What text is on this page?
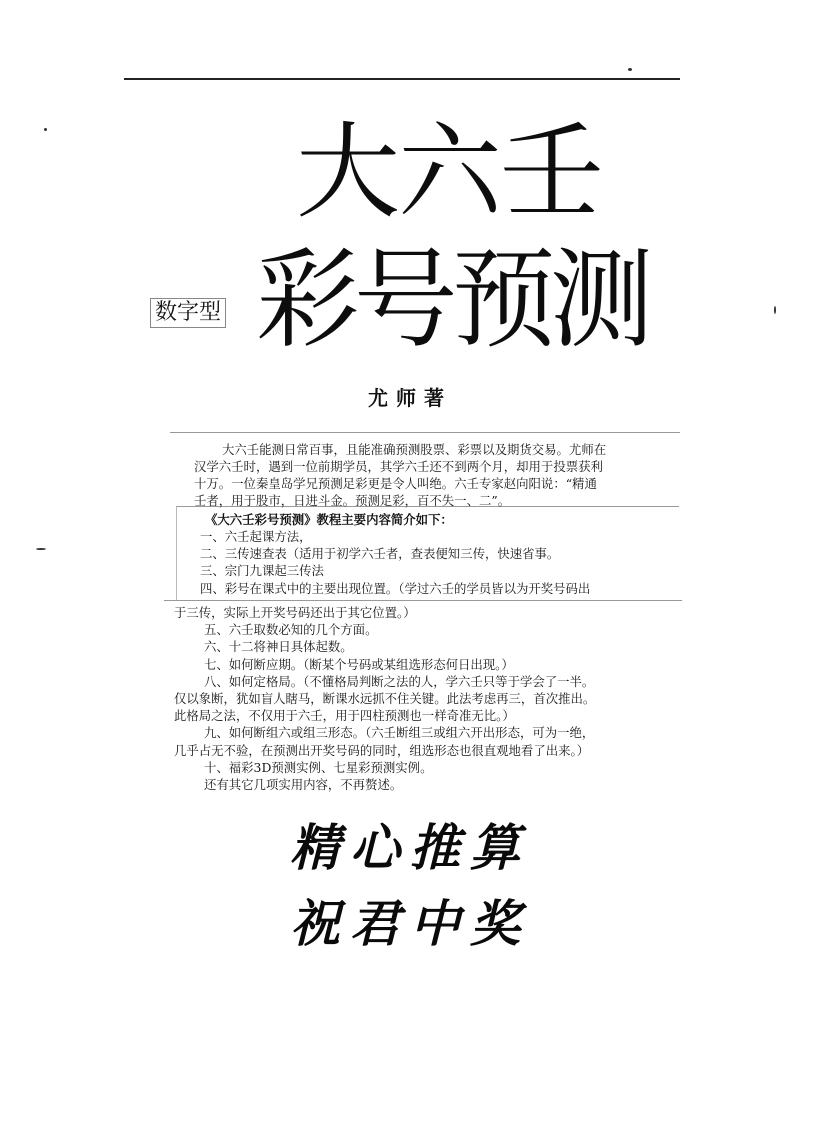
大六壬
数字型 彩号预测
尤师著
大六壬能测日常百事，且能准确预测股票、彩票以及期货交易。尤师在
汉学六壬时，遇到一位前期学员，其学六壬还不到两个月，却用于投票获利
十万。一位秦皇岛学兄预测足彩更是令人叫绝。六壬专家赵向阳说：“精通
壬者，用于股市，日进斗金。预测足彩，百不失一、二”。
《大六壬彩号预测》教程主要内容简介如下：
一、六壬起课方法，
二、三传速查表（适用于初学六壬者，查表便知三传，快速省事。
三、宗门九课起三传法
四、彩号在课式中的主要出现位置。（学过六壬的学员皆以为开奖号码出
于三传，实际上开奖号码还出于其它位置。）
五、六壬取数必知的几个方面。
六、十二将神日具体起数。
七、如何断应期。（断某个号码或某组选形态何日出现。）
八、如何定格局。（不懂格局判断之法的人，学六壬只等于学会了一半。
仅以象断，犹如盲人瞎马，断课水远抓不住关键。此法考虑再三，首次推出。
此格局之法，不仅用于六壬，用于四柱预测也一样奇准无比。）
九、如何断组六或组三形态。（六壬断组三或组六开出形态，可为一绝，
几乎占无不验，在预测出开奖号码的同时，组选形态也很直观地看了出来。）
十、福彩3D预测实例、七星彩预测实例。
还有其它几项实用内容，不再赘述。
精心推算
祝君中奖
